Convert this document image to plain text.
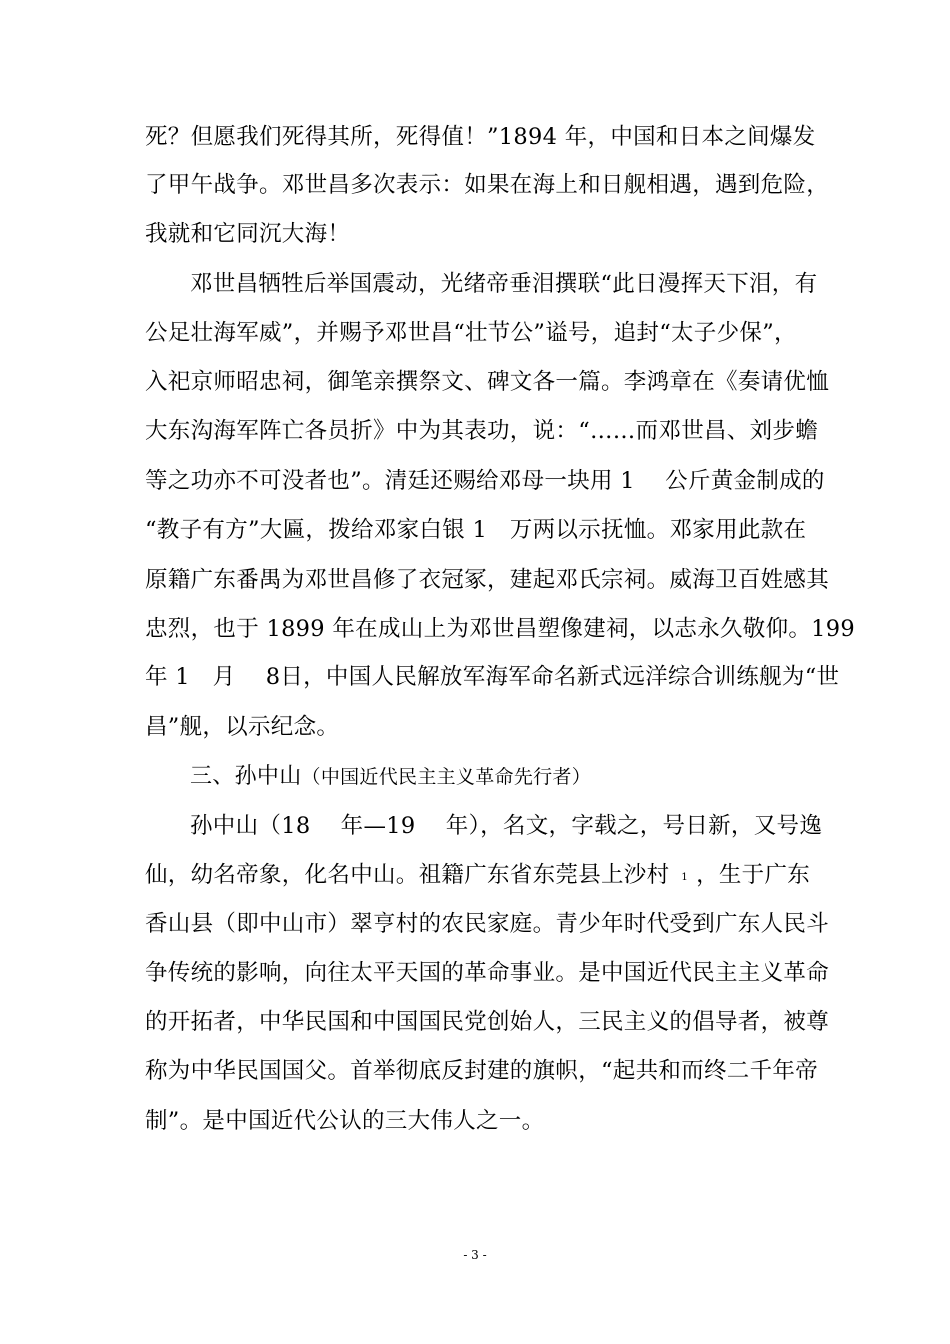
死？但愿我们死得其所，死得值！”1894 年，中国和日本之间爆发
了甲午战争。邓世昌多次表示：如果在海上和日舰相遇，遇到危险，
我就和它同沉大海！
邓世昌牺牲后举国震动，光绪帝垂泪撰联“此日漫挥天下泪，有
公足壮海军威”，并赐予邓世昌“壮节公”谥号，追封“太子少保”，
入祀京师昭忠祠，御笔亲撰祭文、碑文各一篇。李鸿章在《奏请优恤
大东沟海军阵亡各员折》中为其表功，说：“……而邓世昌、刘步蟾
等之功亦不可没者也”。清廷还赐给邓母一块用 1　 公斤黄金制成的
“教子有方”大匾，拨给邓家白银 1　万两以示抚恤。邓家用此款在
原籍广东番禺为邓世昌修了衣冠冢，建起邓氏宗祠。威海卫百姓感其
忠烈，也于 1899 年在成山上为邓世昌塑像建祠，以志永久敬仰。199
年 1　月　 8日，中国人民解放军海军命名新式远洋综合训练舰为“世
昌”舰，以示纪念。
三、孙中山（中国近代民主主义革命先行者）
孙中山（18　 年—19　 年），名文，字载之，号日新，又号逸
仙，幼名帝象，化名中山。祖籍广东省东莞县上沙村 1 ，生于广东
香山县（即中山市）翠亨村的农民家庭。青少年时代受到广东人民斗
争传统的影响，向往太平天国的革命事业。是中国近代民主主义革命
的开拓者，中华民国和中国国民党创始人，三民主义的倡导者，被尊
称为中华民国国父。首举彻底反封建的旗帜，“起共和而终二千年帝
制”。是中国近代公认的三大伟人之一。
- 3 -
